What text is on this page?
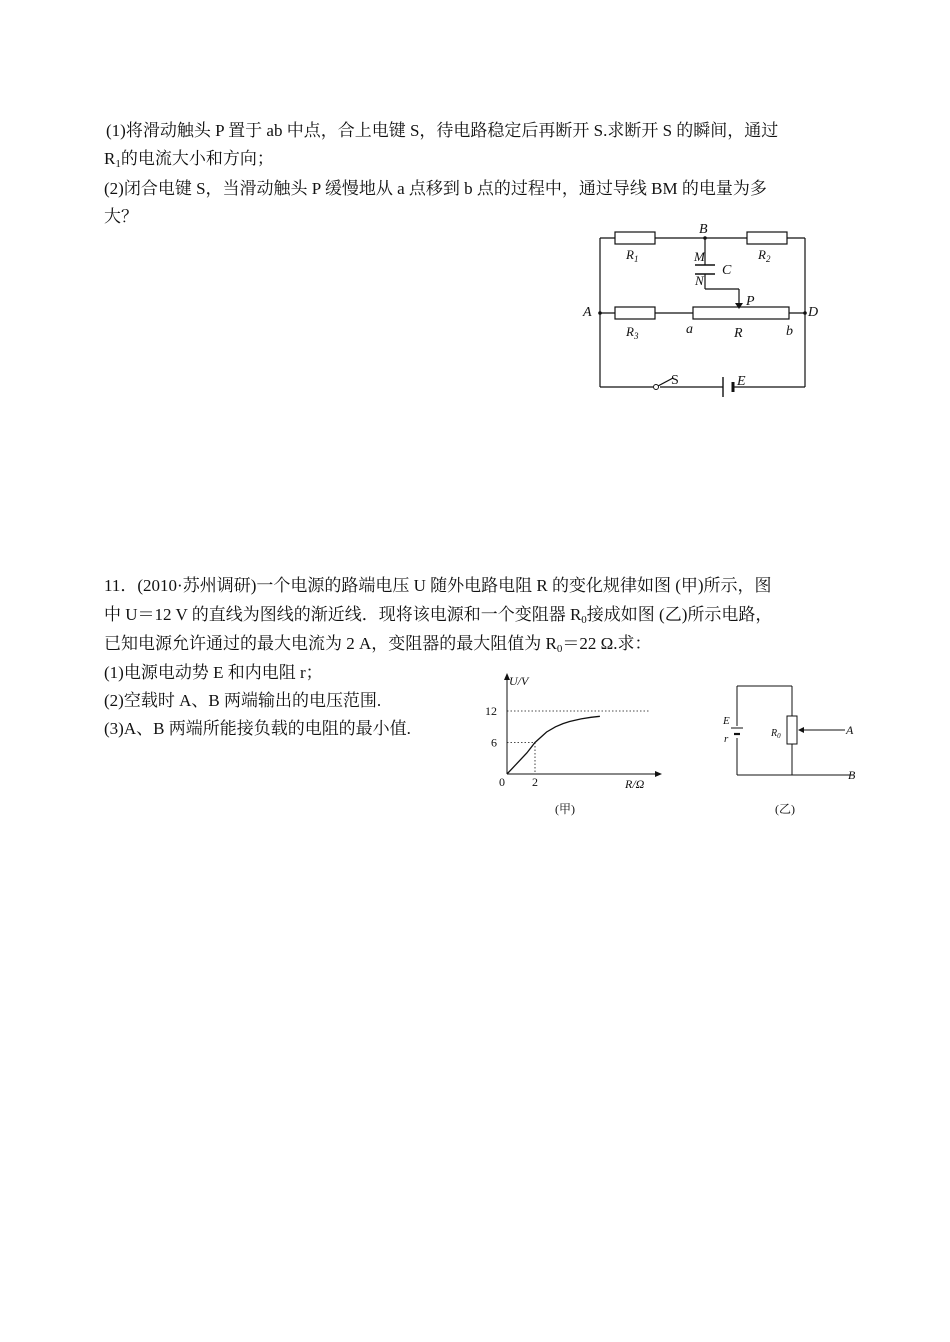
(1)将滑动触头 P 置于 ab 中点，合上电键 S，待电路稳定后再断开 S.求断开 S 的瞬间，通过
$R_1$的电流大小和方向；
(2)闭合电键 S，当滑动触头 P 缓慢地从 a 点移到 b 点的过程中，通过导线 BM 的电量为多
大？
B
$R_1$	$R_2$
M
N
C
P
A	D
$R_3$	a	R	b
S	E
11．(2010·苏州调研)一个电源的路端电压 U 随外电路电阻 R 的变化规律如图 (甲)所示，图
中 U＝12 V 的直线为图线的渐近线．现将该电源和一个变阻器 $R_0$接成如图 (乙)所示电路，
已知电源允许通过的最大电流为 2 A，变阻器的最大阻值为 $R_0=22$ Ω.求：
(1)电源电动势 E 和内电阻 r；
(2)空载时 A、B 两端输出的电压范围.
(3)A、B 两端所能接负载的电阻的最小值.
U/V
R/Ω
12
6
0 2
(甲)
E
r	$R_0$	A
B
(乙)
